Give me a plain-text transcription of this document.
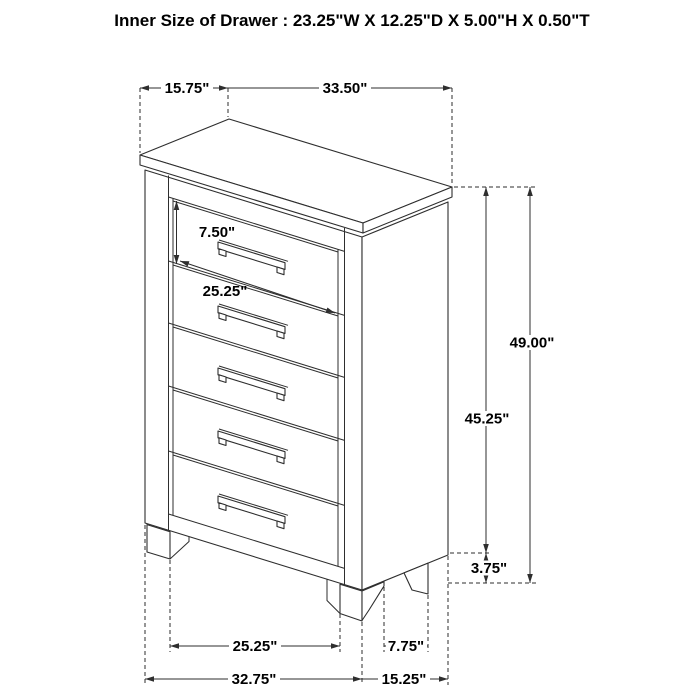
Inner Size of Drawer : 23.25"W X 12.25"D X 5.00"H X 0.50"T
15.75"	33.50"
45.25"
49.00"
3.75"
7.50"
25.25"
25.25"	7.75"
32.75"	15.25"
